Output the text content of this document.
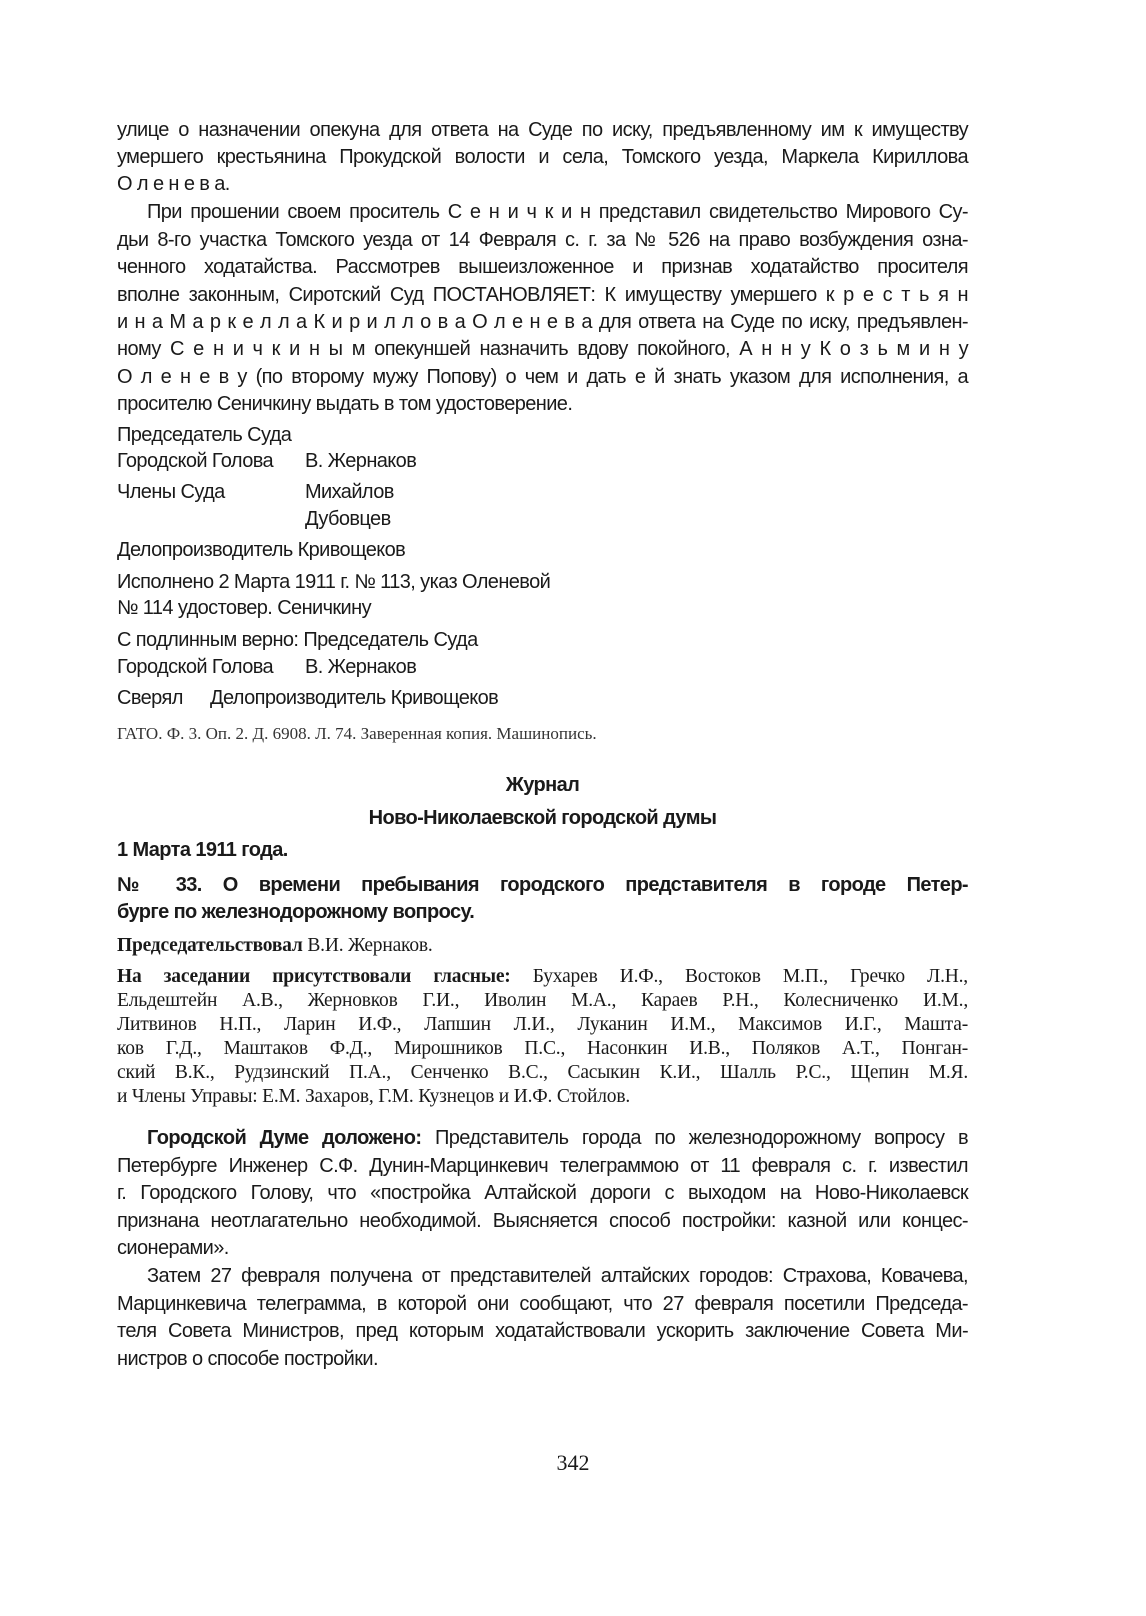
улице о назначении опекуна для ответа на Суде по иску, предъявленному им к имуществу
умершего крестьянина Прокудской волости и села, Томского уезда, Маркела Кириллова
О л е н е в а.
При прошении своем проситель С е н и ч к и н представил свидетельство Мирового Су-
дьи 8-го участка Томского уезда от 14 Февраля с. г. за № 526 на право возбуждения озна-
ченного ходатайства. Рассмотрев вышеизложенное и признав ходатайство просителя
вполне законным, Сиротский Суд ПОСТАНОВЛЯЕТ: К имуществу умершего к р е с т ь я н
и н а М а р к е л л а К и р и л л о в а О л е н е в а для ответа на Суде по иску, предъявлен-
ному С е н и ч к и н ы м опекуншей назначить вдову покойного, А н н у К о з ь м и н у
О л е н е в у (по второму мужу Попову) о чем и дать е й знать указом для исполнения, а
просителю Сеничкину выдать в том удостоверение.
Председатель Суда
Городской Голова	В. Жернаков
Члены Суда	Михайлов
Дубовцев
Делопроизводитель Кривощеков
Исполнено 2 Марта 1911 г. № 113, указ Оленевой
№ 114 удостовер. Сеничкину
С подлинным верно: Председатель Суда
Городской Голова	В. Жернаков
Сверял	Делопроизводитель Кривощеков
ГАТО. Ф. 3. Оп. 2. Д. 6908. Л. 74. Заверенная копия. Машинопись.
Журнал
Ново-Николаевской городской думы
1 Марта 1911 года.
№ 33. О времени пребывания городского представителя в городе Петер-
бурге по железнодорожному вопросу.
Председательствовал В.И. Жернаков.
На заседании присутствовали гласные: Бухарев И.Ф., Востоков М.П., Гречко Л.Н.,
Ельдештейн А.В., Жерновков Г.И., Иволин М.А., Караев Р.Н., Колесниченко И.М.,
Литвинов Н.П., Ларин И.Ф., Лапшин Л.И., Луканин И.М., Максимов И.Г., Машта-
ков Г.Д., Маштаков Ф.Д., Мирошников П.С., Насонкин И.В., Поляков А.Т., Понган-
ский В.К., Рудзинский П.А., Сенченко В.С., Сасыкин К.И., Шалль Р.С., Щепин М.Я.
и Члены Управы: Е.М. Захаров, Г.М. Кузнецов и И.Ф. Стойлов.
Городской Думе доложено: Представитель города по железнодорожному вопросу в
Петербурге Инженер С.Ф. Дунин-Марцинкевич телеграммою от 11 февраля с. г. известил
г. Городского Голову, что «постройка Алтайской дороги с выходом на Ново-Николаевск
признана неотлагательно необходимой. Выясняется способ постройки: казной или концес-
сионерами».
Затем 27 февраля получена от представителей алтайских городов: Страхова, Ковачева,
Марцинкевича телеграмма, в которой они сообщают, что 27 февраля посетили Председа-
теля Совета Министров, пред которым ходатайствовали ускорить заключение Совета Ми-
нистров о способе постройки.
342
